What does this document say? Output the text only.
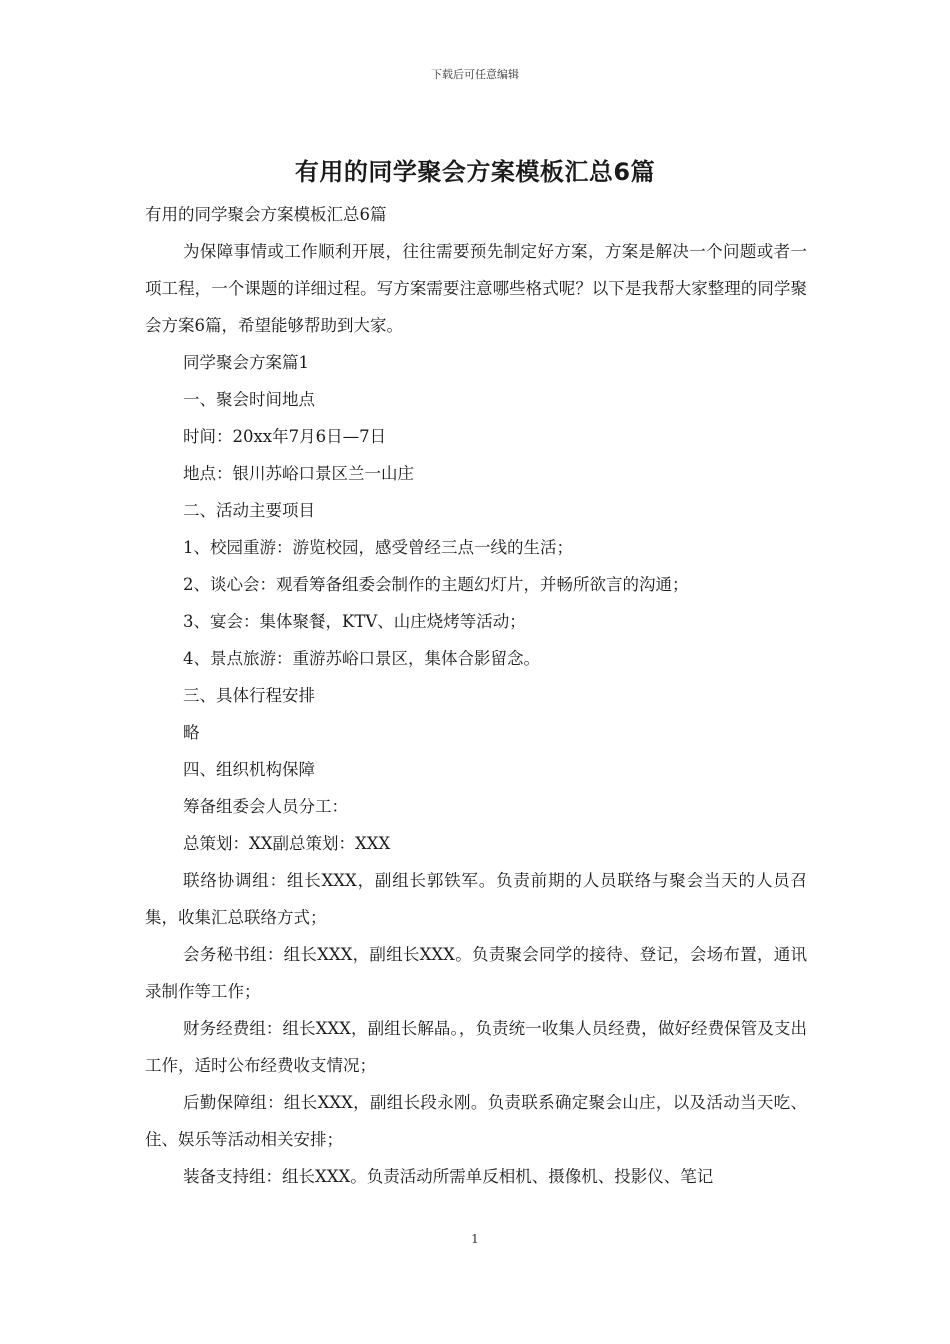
下载后可任意编辑
有用的同学聚会方案模板汇总6篇

有用的同学聚会方案模板汇总6篇

为保障事情或工作顺利开展，往往需要预先制定好方案，方案是解决一个问题或者一项工程，一个课题的详细过程。写方案需要注意哪些格式呢？以下是我帮大家整理的同学聚会方案6篇，希望能够帮助到大家。

同学聚会方案篇1

一、聚会时间地点

时间：20xx年7月6日—7日

地点：银川苏峪口景区兰一山庄

二、活动主要项目

1、校园重游：游览校园，感受曾经三点一线的生活；

2、谈心会：观看筹备组委会制作的主题幻灯片，并畅所欲言的沟通；

3、宴会：集体聚餐，KTV、山庄烧烤等活动；

4、景点旅游：重游苏峪口景区，集体合影留念。

三、具体行程安排

略

四、组织机构保障

筹备组委会人员分工：

总策划：XX副总策划：XXX

联络协调组：组长XXX，副组长郭铁军。负责前期的人员联络与聚会当天的人员召集，收集汇总联络方式；

会务秘书组：组长XXX，副组长XXX。负责聚会同学的接待、登记，会场布置，通讯录制作等工作；

财务经费组：组长XXX，副组长解晶。，负责统一收集人员经费，做好经费保管及支出工作，适时公布经费收支情况；

后勤保障组：组长XXX，副组长段永刚。负责联系确定聚会山庄，以及活动当天吃、住、娱乐等活动相关安排；

装备支持组：组长XXX。负责活动所需单反相机、摄像机、投影仪、笔记

1
